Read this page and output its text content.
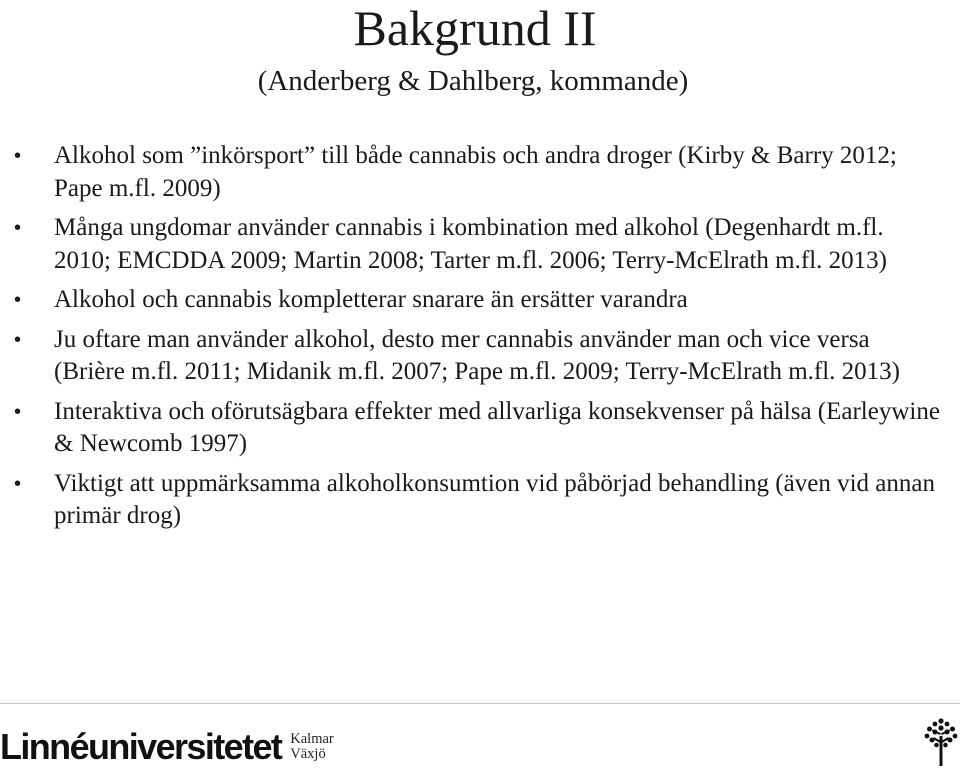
Bakgrund II
(Anderberg & Dahlberg, kommande)
• Alkohol som ”inkörsport” till både cannabis och andra droger (Kirby & Barry 2012; Pape m.fl. 2009)
• Många ungdomar använder cannabis i kombination med alkohol (Degenhardt m.fl. 2010; EMCDDA 2009; Martin 2008; Tarter m.fl. 2006; Terry-McElrath m.fl. 2013)
• Alkohol och cannabis kompletterar snarare än ersätter varandra
• Ju oftare man använder alkohol, desto mer cannabis använder man och vice versa (Brière m.fl. 2011; Midanik m.fl. 2007; Pape m.fl. 2009; Terry-McElrath m.fl. 2013)
• Interaktiva och oförutsägbara effekter med allvarliga konsekvenser på hälsa (Earleywine & Newcomb 1997)
• Viktigt att uppmärksamma alkoholkonsumtion vid påbörjad behandling (även vid annan primär drog)
Linnéuniversitetet Kalmar
Växjö
